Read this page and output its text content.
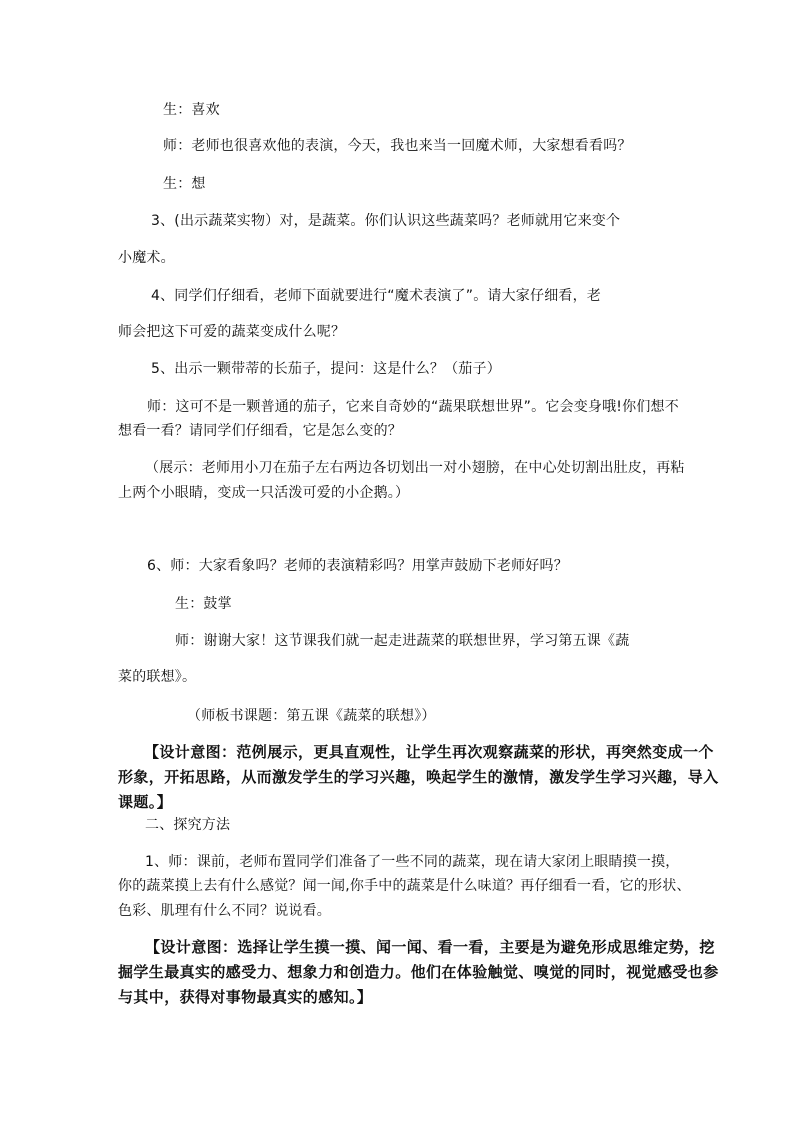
生：喜欢
师：老师也很喜欢他的表演，今天，我也来当一回魔术师，大家想看看吗？
生：想
3、(出示蔬菜实物）对，是蔬菜。你们认识这些蔬菜吗？老师就用它来变个
小魔术。
4、同学们仔细看，老师下面就要进行“魔术表演了”。请大家仔细看，老
师会把这下可爱的蔬菜变成什么呢？
5、出示一颗带蒂的长茄子，提问：这是什么？（茄子）
师：这可不是一颗普通的茄子，它来自奇妙的“蔬果联想世界”。它会变身哦!你们想不
想看一看？请同学们仔细看，它是怎么变的？
（展示：老师用小刀在茄子左右两边各切划出一对小翅膀，在中心处切割出肚皮，再粘
上两个小眼睛，变成一只活泼可爱的小企鹅。）
6、师：大家看象吗？老师的表演精彩吗？用掌声鼓励下老师好吗？
生：鼓掌
师：谢谢大家！这节课我们就一起走进蔬菜的联想世界，学习第五课《蔬
菜的联想》。
（师板书课题：第五课《蔬菜的联想》）
【设计意图：范例展示，更具直观性，让学生再次观察蔬菜的形状，再突然变成一个
形象，开拓思路，从而激发学生的学习兴趣，唤起学生的激情，激发学生学习兴趣，导入
课题。】
二、探究方法
1、师：课前，老师布置同学们准备了一些不同的蔬菜，现在请大家闭上眼睛摸一摸，
你的蔬菜摸上去有什么感觉？闻一闻,你手中的蔬菜是什么味道？再仔细看一看，它的形状、
色彩、肌理有什么不同？说说看。
【设计意图：选择让学生摸一摸、闻一闻、看一看，主要是为避免形成思维定势，挖
掘学生最真实的感受力、想象力和创造力。他们在体验触觉、嗅觉的同时，视觉感受也参
与其中，获得对事物最真实的感知。】
